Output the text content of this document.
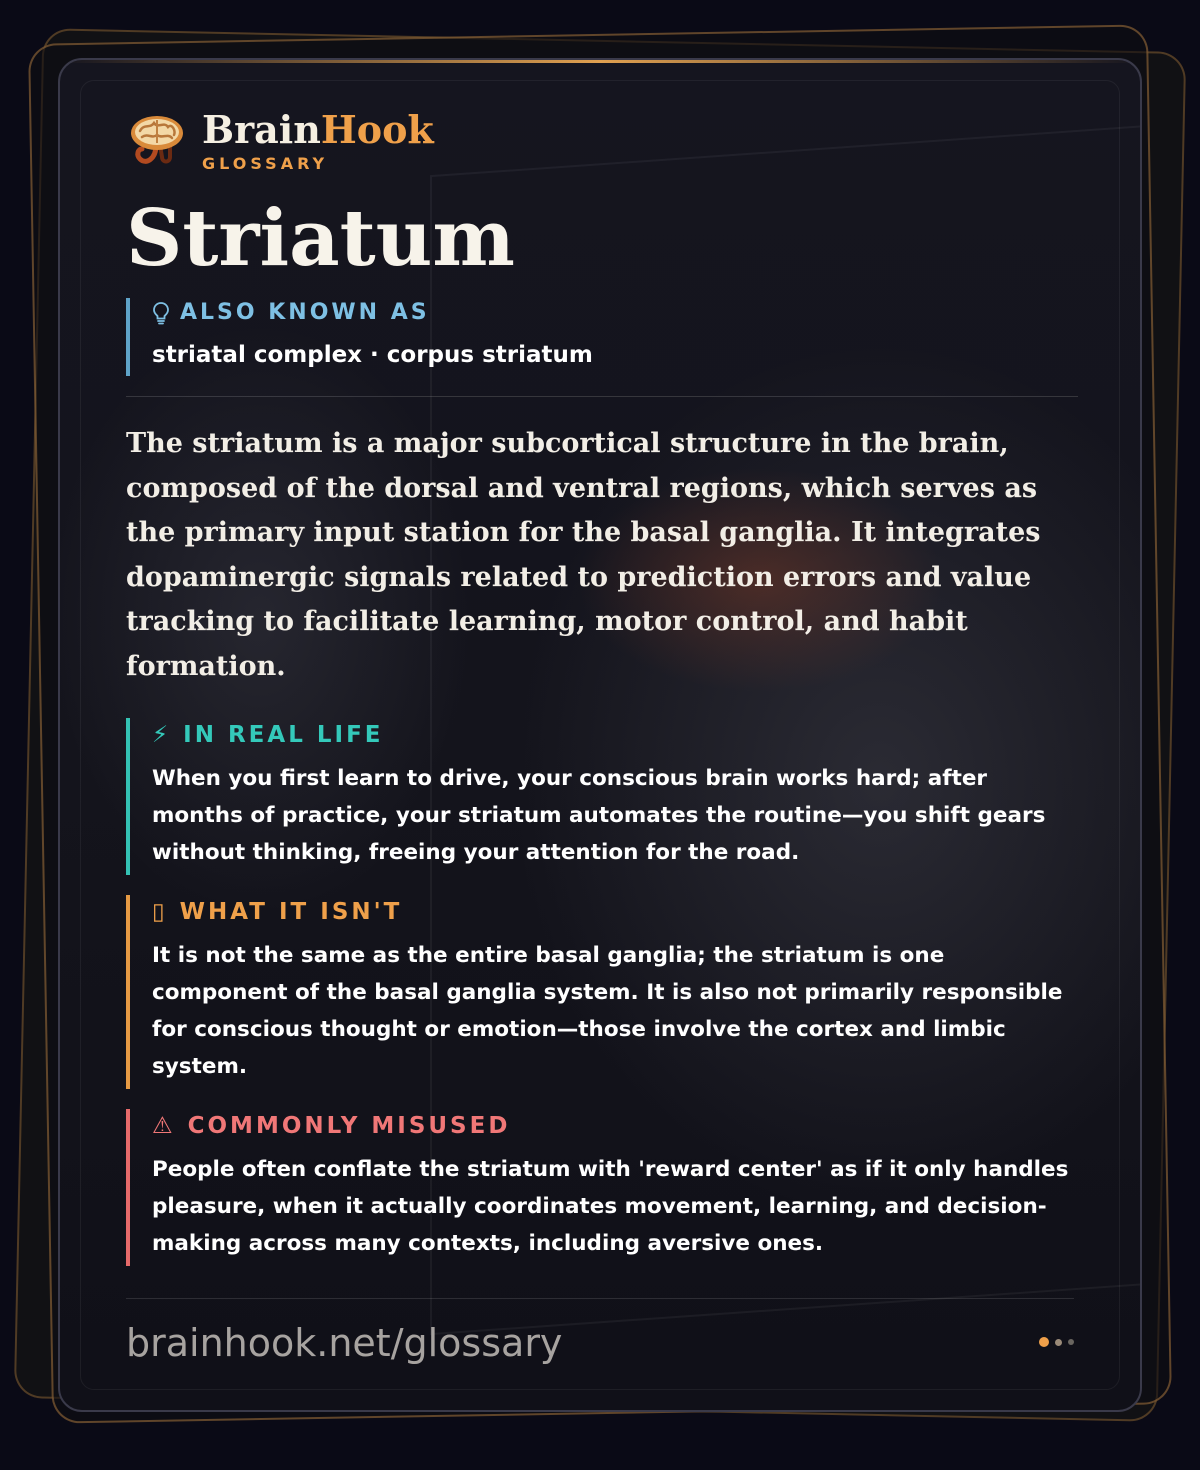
BrainHook
GLOSSARY
Striatum
ALSO KNOWN AS
striatal complex · corpus striatum

The striatum is a major subcortical structure in the brain, composed of the dorsal and ventral regions, which serves as the primary input station for the basal ganglia. It integrates dopaminergic signals related to prediction errors and value tracking to facilitate learning, motor control, and habit formation.

⚡ IN REAL LIFE
When you first learn to drive, your conscious brain works hard; after months of practice, your striatum automates the routine—you shift gears without thinking, freeing your attention for the road.
▯ WHAT IT ISN'T
It is not the same as the entire basal ganglia; the striatum is one component of the basal ganglia system. It is also not primarily responsible for conscious thought or emotion—those involve the cortex and limbic system.
⚠ COMMONLY MISUSED
People often conflate the striatum with 'reward center' as if it only handles pleasure, when it actually coordinates movement, learning, and decision-making across many contexts, including aversive ones.
brainhook.net/glossary
